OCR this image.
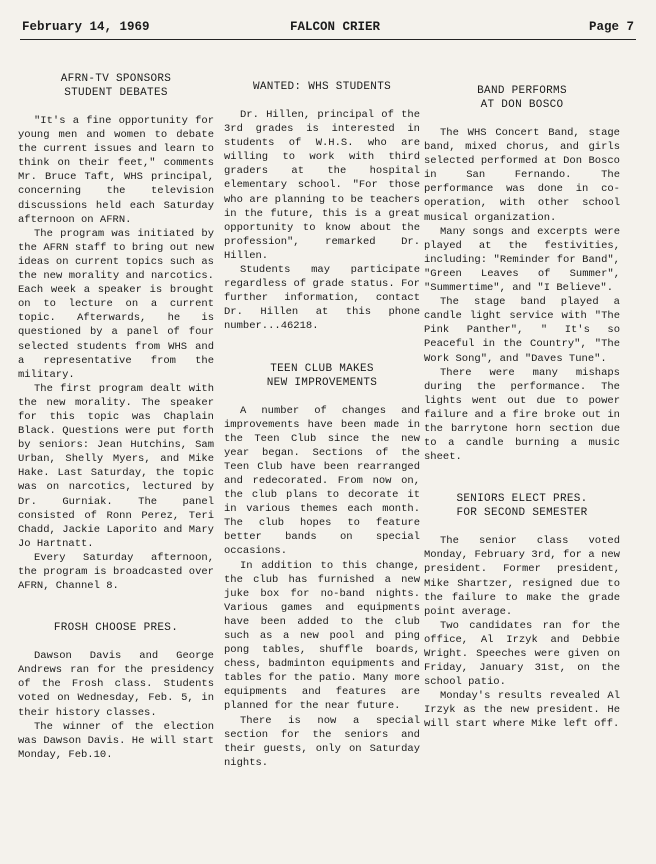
February 14, 1969	FALCON CRIER	Page 7
AFRN-TV SPONSORS
STUDENT DEBATES

"It's a fine opportunity for young men and women to debate the current issues and learn to think on their feet," comments Mr. Bruce Taft, WHS principal, concerning the television discussions held each Saturday afternoon on AFRN.

The program was initiated by the AFRN staff to bring out new ideas on current topics such as the new morality and narcotics. Each week a speaker is brought on to lecture on a current topic. Afterwards, he is questioned by a panel of four selected students from WHS and a representative from the military.

The first program dealt with the new morality. The speaker for this topic was Chaplain Black. Questions were put forth by seniors: Jean Hutchins, Sam Urban, Shelly Myers, and Mike Hake. Last Saturday, the topic was on narcotics, lectured by Dr. Gurniak. The panel consisted of Ronn Perez, Teri Chadd, Jackie Laporito and Mary Jo Hartnatt.

Every Saturday afternoon, the program is broadcasted over AFRN, Channel 8.

FROSH CHOOSE PRES.

Dawson Davis and George Andrews ran for the presidency of the Frosh class. Students voted on Wednesday, Feb. 5, in their history classes.

The winner of the election was Dawson Davis. He will start Monday, Feb.10.

WANTED: WHS STUDENTS

Dr. Hillen, principal of the 3rd grades is interested in students of W.H.S. who are willing to work with third graders at the hospital elementary school. "For those who are planning to be teachers in the future, this is a great opportunity to know about the profession", remarked Dr. Hillen.

Students may participate regardless of grade status. For further information, contact Dr. Hillen at this phone number...46218.

TEEN CLUB MAKES
NEW IMPROVEMENTS

A number of changes and improvements have been made in the Teen Club since the new year began. Sections of the Teen Club have been rearranged and redecorated. From now on, the club plans to decorate it in various themes each month. The club hopes to feature better bands on special occasions.

In addition to this change, the club has furnished a new juke box for no-band nights. Various games and equipments have been added to the club such as a new pool and ping pong tables, shuffle boards, chess, badminton equipments and tables for the patio. Many more equipments and features are planned for the near future.

There is now a special section for the seniors and their guests, only on Saturday nights.

BAND PERFORMS
AT DON BOSCO

The WHS Concert Band, stage band, mixed chorus, and girls selected performed at Don Bosco in San Fernando. The performance was done in co-operation, with other school musical organization.

Many songs and excerpts were played at the festivities, including: "Reminder for Band", "Green Leaves of Summer", "Summertime", and "I Believe".

The stage band played a candle light service with "The Pink Panther", " It's so Peaceful in the Country", "The Work Song", and "Daves Tune".

There were many mishaps during the performance. The lights went out due to power failure and a fire broke out in the barrytone horn section due to a candle burning a music sheet.

SENIORS ELECT PRES.
FOR SECOND SEMESTER

The senior class voted Monday, February 3rd, for a new president. Former president, Mike Shartzer, resigned due to the failure to make the grade point average.

Two candidates ran for the office, Al Irzyk and Debbie Wright. Speeches were given on Friday, January 31st, on the school patio.

Monday's results revealed Al Irzyk as the new president. He will start where Mike left off.
